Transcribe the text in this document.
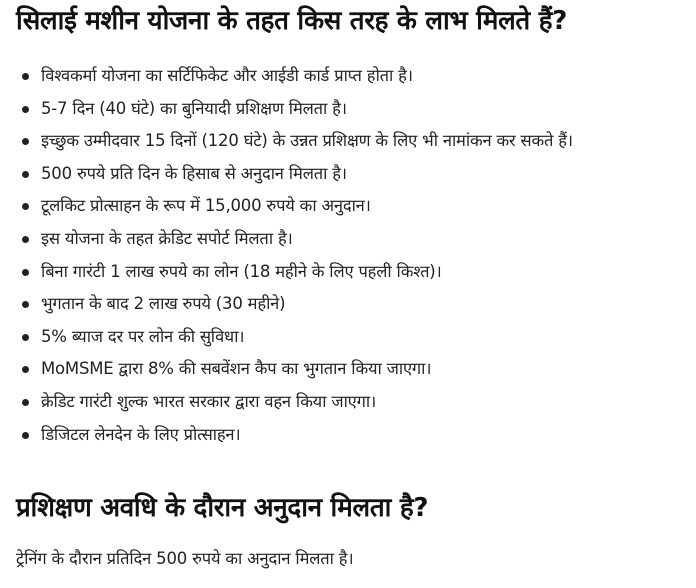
सिलाई मशीन योजना के तहत किस तरह के लाभ मिलते हैं?
विश्वकर्मा योजना का सर्टिफिकेट और आईडी कार्ड प्राप्त होता है।
5-7 दिन (40 घंटे) का बुनियादी प्रशिक्षण मिलता है।
इच्छुक उम्मीदवार 15 दिनों (120 घंटे) के उन्नत प्रशिक्षण के लिए भी नामांकन कर सकते हैं।
500 रुपये प्रति दिन के हिसाब से अनुदान मिलता है।
टूलकिट प्रोत्साहन के रूप में 15,000 रुपये का अनुदान।
इस योजना के तहत क्रेडिट सपोर्ट मिलता है।
बिना गारंटी 1 लाख रुपये का लोन (18 महीने के लिए पहली किश्त)।
भुगतान के बाद 2 लाख रुपये (30 महीने)
5% ब्याज दर पर लोन की सुविधा।
MoMSME द्वारा 8% की सबवेंशन कैप का भुगतान किया जाएगा।
क्रेडिट गारंटी शुल्क भारत सरकार द्वारा वहन किया जाएगा।
डिजिटल लेनदेन के लिए प्रोत्साहन।
प्रशिक्षण अवधि के दौरान अनुदान मिलता है?

ट्रेनिंग के दौरान प्रतिदिन 500 रुपये का अनुदान मिलता है।
